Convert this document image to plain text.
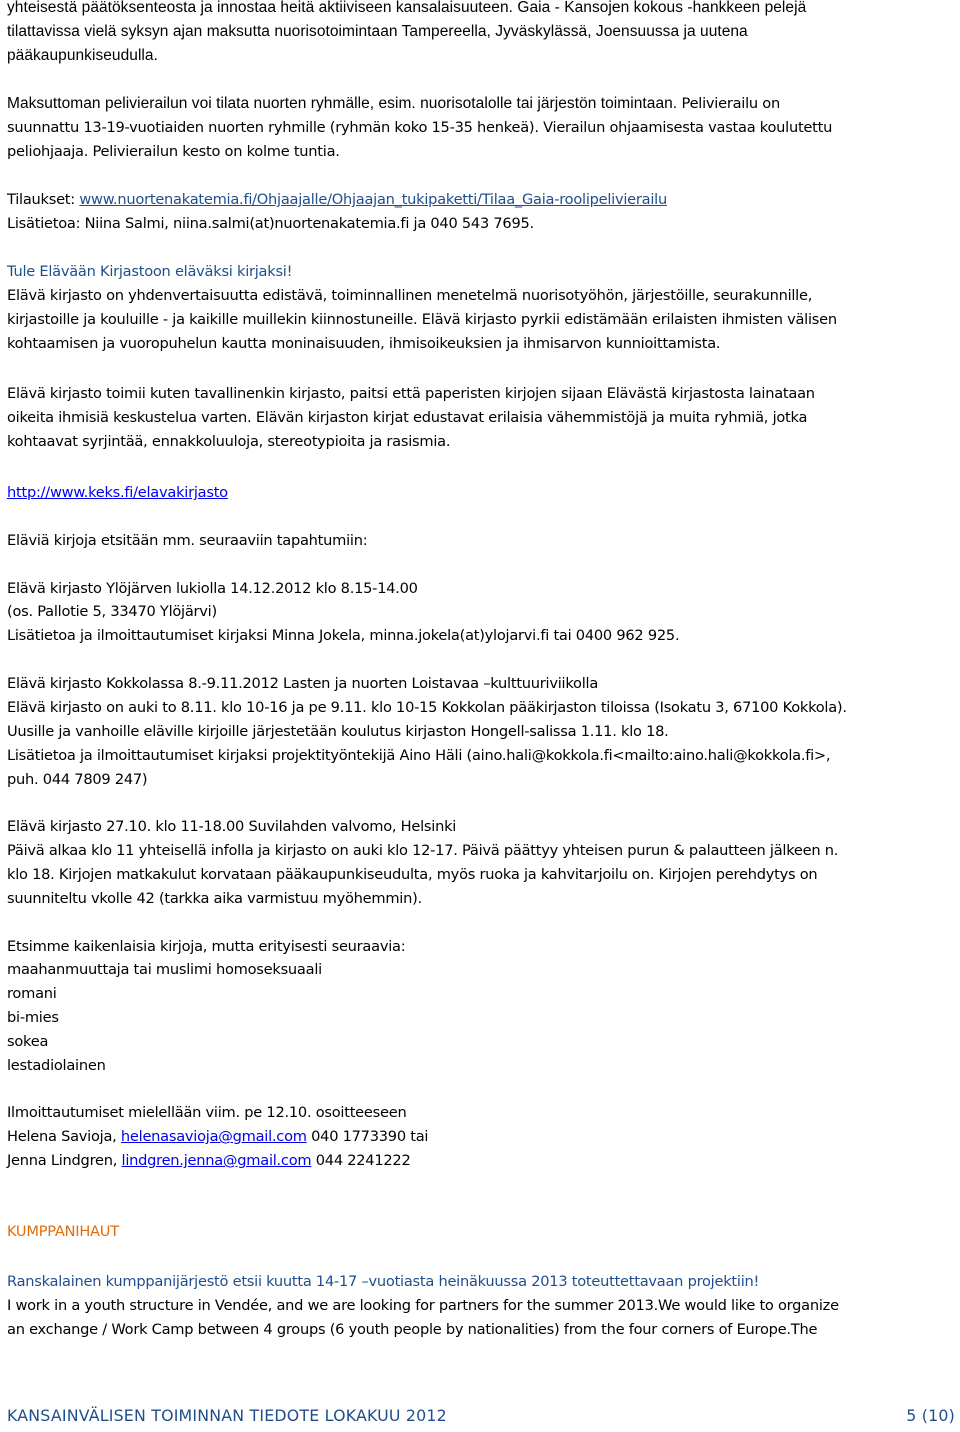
yhteisestä päätöksenteosta ja innostaa heitä aktiiviseen kansalaisuuteen. Gaia - Kansojen kokous -hankkeen pelejä
tilattavissa vielä syksyn ajan maksutta nuorisotoimintaan Tampereella, Jyväskylässä, Joensuussa ja uutena
pääkaupunkiseudulla.
Maksuttoman pelivierailun voi tilata nuorten ryhmälle, esim. nuorisotalolle tai järjestön toimintaan. Pelivierailu on
suunnattu 13-19-vuotiaiden nuorten ryhmille (ryhmän koko 15-35 henkeä). Vierailun ohjaamisesta vastaa koulutettu
peliohjaaja. Pelivierailun kesto on kolme tuntia.
Tilaukset: www.nuortenakatemia.fi/Ohjaajalle/Ohjaajan_tukipaketti/Tilaa_Gaia-roolipelivierailu
Lisätietoa: Niina Salmi, niina.salmi(at)nuortenakatemia.fi ja 040 543 7695.
Tule Elävään Kirjastoon eläväksi kirjaksi!
Elävä kirjasto on yhdenvertaisuutta edistävä, toiminnallinen menetelmä nuorisotyöhön, järjestöille, seurakunnille,
kirjastoille ja kouluille - ja kaikille muillekin kiinnostuneille. Elävä kirjasto pyrkii edistämään erilaisten ihmisten välisen
kohtaamisen ja vuoropuhelun kautta moninaisuuden, ihmisoikeuksien ja ihmisarvon kunnioittamista.
Elävä kirjasto toimii kuten tavallinenkin kirjasto, paitsi että paperisten kirjojen sijaan Elävästä kirjastosta lainataan
oikeita ihmisiä keskustelua varten. Elävän kirjaston kirjat edustavat erilaisia vähemmistöjä ja muita ryhmiä, jotka
kohtaavat syrjintää, ennakkoluuloja, stereotypioita ja rasismia.
http://www.keks.fi/elavakirjasto
Eläviä kirjoja etsitään mm. seuraaviin tapahtumiin:
Elävä kirjasto Ylöjärven lukiolla 14.12.2012 klo 8.15-14.00
(os. Pallotie 5, 33470 Ylöjärvi)
Lisätietoa ja ilmoittautumiset kirjaksi Minna Jokela, minna.jokela(at)ylojarvi.fi tai 0400 962 925.
Elävä kirjasto Kokkolassa 8.-9.11.2012 Lasten ja nuorten Loistavaa –kulttuuriviikolla
Elävä kirjasto on auki to 8.11. klo 10-16 ja pe 9.11. klo 10-15 Kokkolan pääkirjaston tiloissa (Isokatu 3, 67100 Kokkola).
Uusille ja vanhoille eläville kirjoille järjestetään koulutus kirjaston Hongell-salissa 1.11. klo 18.
Lisätietoa ja ilmoittautumiset kirjaksi projektityöntekijä Aino Häli (aino.hali@kokkola.fi<mailto:aino.hali@kokkola.fi>,
puh. 044 7809 247)
Elävä kirjasto 27.10. klo 11-18.00 Suvilahden valvomo, Helsinki
Päivä alkaa klo 11 yhteisellä infolla ja kirjasto on auki klo 12-17. Päivä päättyy yhteisen purun & palautteen jälkeen n.
klo 18. Kirjojen matkakulut korvataan pääkaupunkiseudulta, myös ruoka ja kahvitarjoilu on. Kirjojen perehdytys on
suunniteltu vkolle 42 (tarkka aika varmistuu myöhemmin).
Etsimme kaikenlaisia kirjoja, mutta erityisesti seuraavia:
maahanmuuttaja tai muslimi homoseksuaali
romani
bi-mies
sokea
lestadiolainen
Ilmoittautumiset mielellään viim. pe 12.10. osoitteeseen
Helena Savioja, helenasavioja@gmail.com 040 1773390 tai
Jenna Lindgren, lindgren.jenna@gmail.com 044 2241222
KUMPPANIHAUT
Ranskalainen kumppanijärjestö etsii kuutta 14-17 –vuotiasta heinäkuussa 2013 toteuttettavaan projektiin!
I work in a youth structure in Vendée, and we are looking for partners for the summer 2013.We would like to organize
an exchange / Work Camp between 4 groups (6 youth people by nationalities) from the four corners of Europe.The
KANSAINVÄLISEN TOIMINNAN TIEDOTE LOKAKUU 2012	5 (10)
